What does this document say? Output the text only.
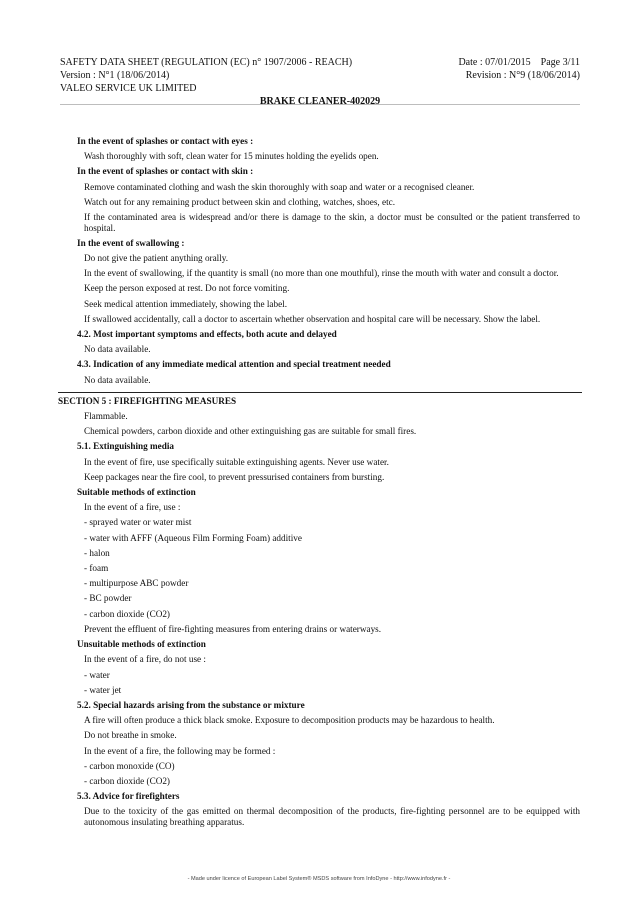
SAFETY DATA SHEET (REGULATION (EC) n° 1907/2006 - REACH)	Date : 07/01/2015    Page 3/11
Version : N°1 (18/06/2014)	Revision : N°9 (18/06/2014)
VALEO SERVICE UK LIMITED
BRAKE CLEANER-402029
In the event of splashes or contact with eyes :
Wash thoroughly with soft, clean water for 15 minutes holding the eyelids open.
In the event of splashes or contact with skin :
Remove contaminated clothing and wash the skin thoroughly with soap and water or a recognised cleaner.
Watch out for any remaining product between skin and clothing, watches, shoes, etc.
If the contaminated area is widespread and/or there is damage to the skin, a doctor must be consulted or the patient transferred to hospital.
In the event of swallowing :
Do not give the patient anything orally.
In the event of swallowing, if the quantity is small (no more than one mouthful), rinse the mouth with water and consult a doctor.
Keep the person exposed at rest. Do not force vomiting.
Seek medical attention immediately, showing the label.
If swallowed accidentally, call a doctor to ascertain whether observation and hospital care will be necessary. Show the label.
4.2. Most important symptoms and effects, both acute and delayed
No data available.
4.3. Indication of any immediate medical attention and special treatment needed
No data available.
SECTION 5 : FIREFIGHTING MEASURES
Flammable.
Chemical powders, carbon dioxide and other extinguishing gas are suitable for small fires.
5.1. Extinguishing media
In the event of fire, use specifically suitable extinguishing agents. Never use water.
Keep packages near the fire cool, to prevent pressurised containers from bursting.
Suitable methods of extinction
In the event of a fire, use :
- sprayed water or water mist
- water with AFFF (Aqueous Film Forming Foam) additive
- halon
- foam
- multipurpose ABC powder
- BC powder
- carbon dioxide (CO2)
Prevent the effluent of fire-fighting measures from entering drains or waterways.
Unsuitable methods of extinction
In the event of a fire, do not use :
- water
- water jet
5.2. Special hazards arising from the substance or mixture
A fire will often produce a thick black smoke. Exposure to decomposition products may be hazardous to health.
Do not breathe in smoke.
In the event of a fire, the following may be formed :
- carbon monoxide (CO)
- carbon dioxide (CO2)
5.3. Advice for firefighters
Due to the toxicity of the gas emitted on thermal decomposition of the products, fire-fighting personnel are to be equipped with autonomous insulating breathing apparatus.
- Made under licence of European Label System® MSDS software from InfoDyne - http://www.infodyne.fr -
